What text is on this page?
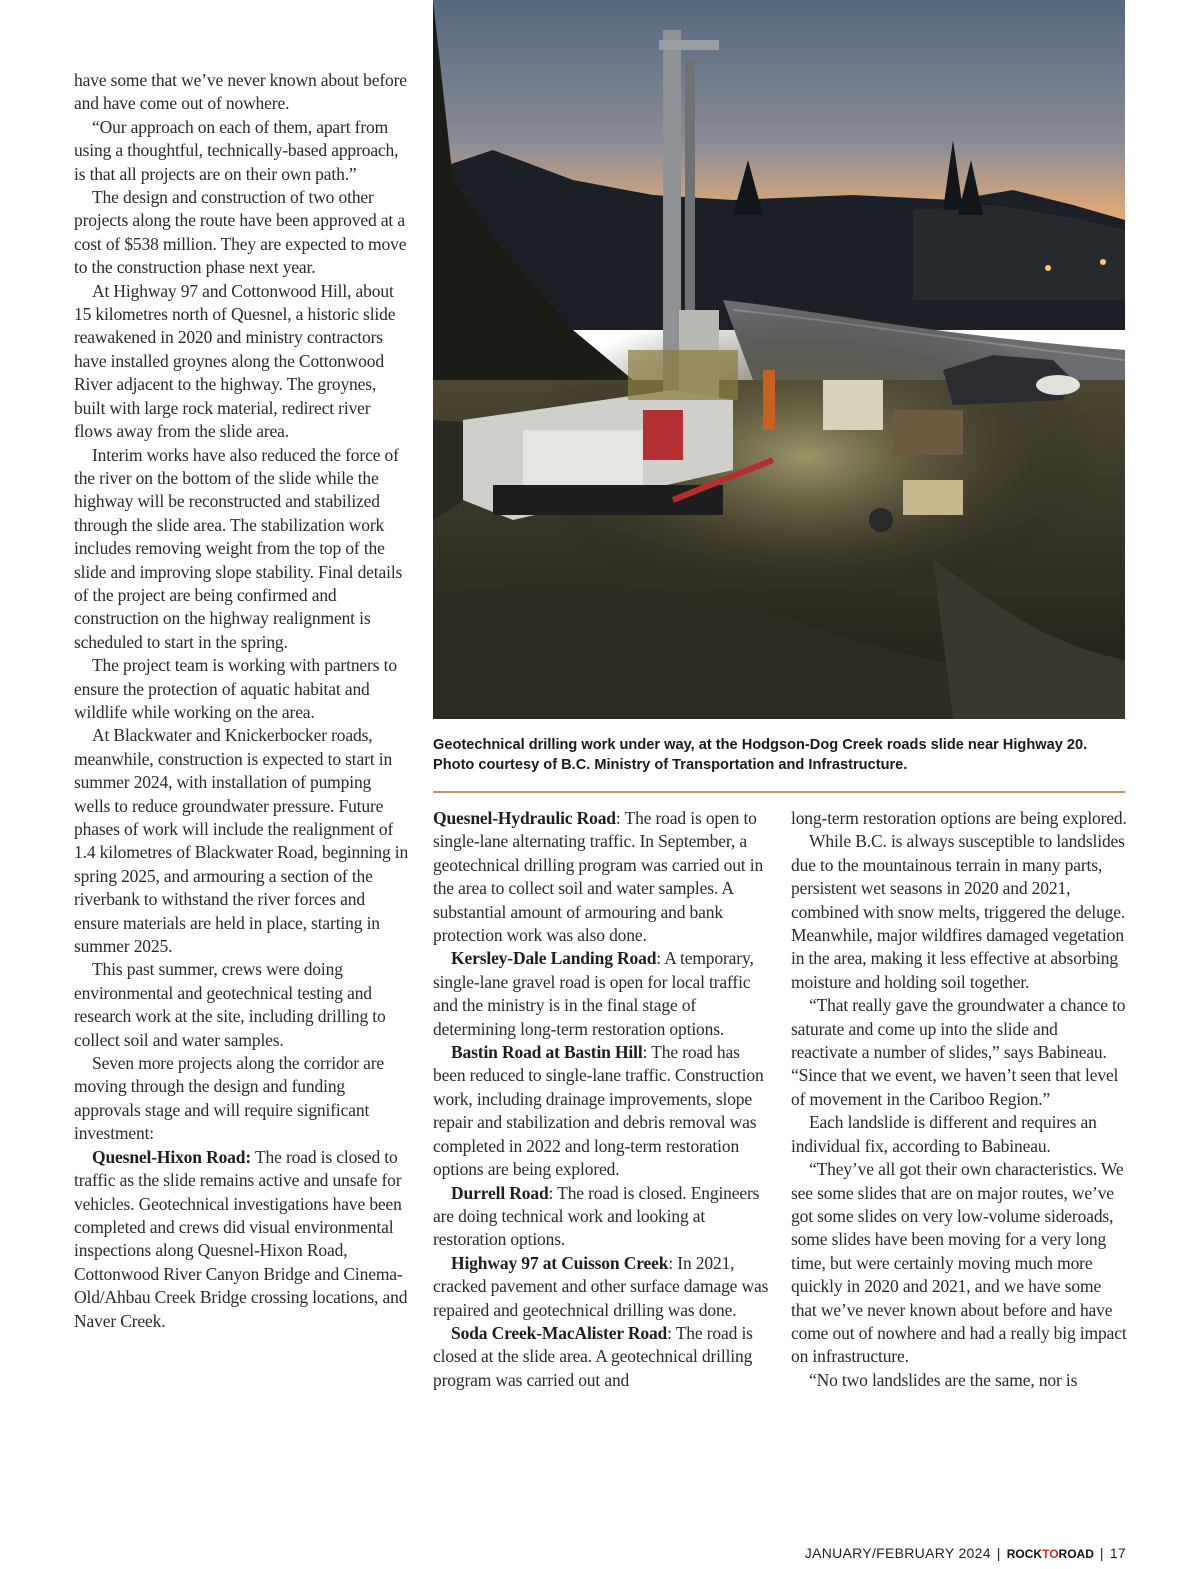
have some that we’ve never known about before and have come out of nowhere.

“Our approach on each of them, apart from using a thoughtful, technically-based approach, is that all projects are on their own path.”

The design and construction of two other projects along the route have been approved at a cost of $538 million. They are expected to move to the construction phase next year.

At Highway 97 and Cottonwood Hill, about 15 kilometres north of Quesnel, a historic slide reawakened in 2020 and ministry contractors have installed groynes along the Cottonwood River adjacent to the highway. The groynes, built with large rock material, redirect river flows away from the slide area.

Interim works have also reduced the force of the river on the bottom of the slide while the highway will be reconstructed and stabilized through the slide area. The stabilization work includes removing weight from the top of the slide and improving slope stability. Final details of the project are being confirmed and construction on the highway realignment is scheduled to start in the spring.

The project team is working with partners to ensure the protection of aquatic habitat and wildlife while working on the area.

At Blackwater and Knickerbocker roads, meanwhile, construction is expected to start in summer 2024, with installation of pumping wells to reduce groundwater pressure. Future phases of work will include the realignment of 1.4 kilometres of Blackwater Road, beginning in spring 2025, and armouring a section of the riverbank to withstand the river forces and ensure materials are held in place, starting in summer 2025.

This past summer, crews were doing environmental and geotechnical testing and research work at the site, including drilling to collect soil and water samples.

Seven more projects along the corridor are moving through the design and funding approvals stage and will require significant investment:

Quesnel-Hixon Road: The road is closed to traffic as the slide remains active and unsafe for vehicles. Geotechnical investigations have been completed and crews did visual environmental inspections along Quesnel-Hixon Road, Cottonwood River Canyon Bridge and Cinema-Old/Ahbau Creek Bridge crossing locations, and Naver Creek.

Geotechnical drilling work under way, at the Hodgson-Dog Creek roads slide near Highway 20.
Photo courtesy of B.C. Ministry of Transportation and Infrastructure.

Quesnel-Hydraulic Road: The road is open to single-lane alternating traffic. In September, a geotechnical drilling program was carried out in the area to collect soil and water samples. A substantial amount of armouring and bank protection work was also done.

Kersley-Dale Landing Road: A temporary, single-lane gravel road is open for local traffic and the ministry is in the final stage of determining long-term restoration options.

Bastin Road at Bastin Hill: The road has been reduced to single-lane traffic. Construction work, including drainage improvements, slope repair and stabilization and debris removal was completed in 2022 and long-term restoration options are being explored.

Durrell Road: The road is closed. Engineers are doing technical work and looking at restoration options.

Highway 97 at Cuisson Creek: In 2021, cracked pavement and other surface damage was repaired and geotechnical drilling was done.

Soda Creek-MacAlister Road: The road is closed at the slide area. A geotechnical drilling program was carried out and

long-term restoration options are being explored.

While B.C. is always susceptible to landslides due to the mountainous terrain in many parts, persistent wet seasons in 2020 and 2021, combined with snow melts, triggered the deluge. Meanwhile, major wildfires damaged vegetation in the area, making it less effective at absorbing moisture and holding soil together.

“That really gave the groundwater a chance to saturate and come up into the slide and reactivate a number of slides,” says Babineau. “Since that we event, we haven’t seen that level of movement in the Cariboo Region.”

Each landslide is different and requires an individual fix, according to Babineau.

“They’ve all got their own characteristics. We see some slides that are on major routes, we’ve got some slides on very low-volume sideroads, some slides have been moving for a very long time, but were certainly moving much more quickly in 2020 and 2021, and we have some that we’ve never known about before and have come out of nowhere and had a really big impact on infrastructure.

“No two landslides are the same, nor is

JANUARY/FEBRUARY 2024 | ROCKTOROAD | 17
